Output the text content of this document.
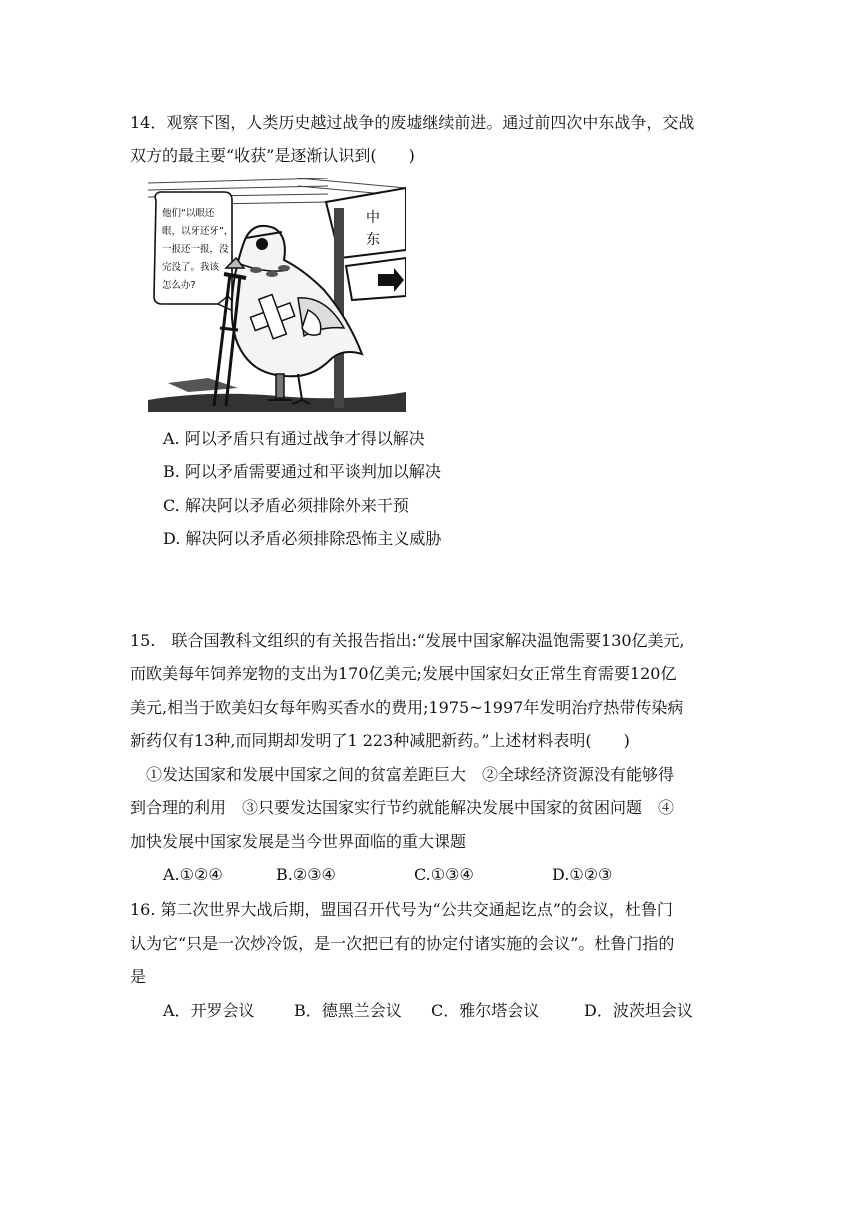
14．观察下图，人类历史越过战争的废墟继续前进。通过前四次中东战争，交战
双方的最主要“收获”是逐渐认识到(　　)
他们“以眼还
眼，以牙还牙”，
一报还一报，没
完没了。我该
怎么办?
中
东
A. 阿以矛盾只有通过战争才得以解决
B. 阿以矛盾需要通过和平谈判加以解决
C. 解决阿以矛盾必须排除外来干预
D. 解决阿以矛盾必须排除恐怖主义威胁
15.　联合国教科文组织的有关报告指出:“发展中国家解决温饱需要130亿美元,
而欧美每年饲养宠物的支出为170亿美元;发展中国家妇女正常生育需要120亿
美元,相当于欧美妇女每年购买香水的费用;1975~1997年发明治疗热带传染病
新药仅有13种,而同期却发明了1 223种减肥新药。”上述材料表明(　　)
①发达国家和发展中国家之间的贫富差距巨大　②全球经济资源没有能够得
到合理的利用　③只要发达国家实行节约就能解决发展中国家的贫困问题　④
加快发展中国家发展是当今世界面临的重大课题
A.①②④	B.②③④	C.①③④	D.①②③
16. 第二次世界大战后期，盟国召开代号为“公共交通起讫点”的会议，杜鲁门
认为它“只是一次炒冷饭，是一次把已有的协定付诸实施的会议”。杜鲁门指的
是
A．开罗会议 B．德黑兰会议 C．雅尔塔会议	D．波茨坦会议
